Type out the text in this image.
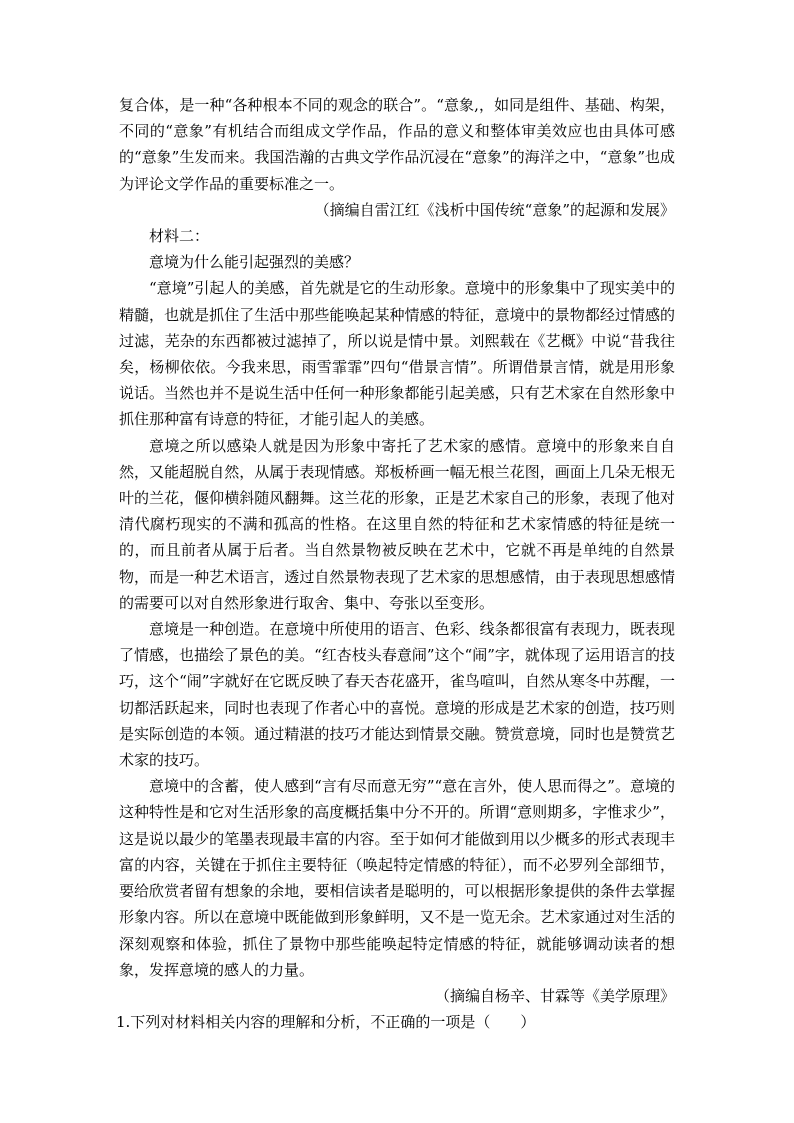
复合体，是一种“各种根本不同的观念的联合”。“意象,，如同是组件、基础、构架，不同的“意象”有机结合而组成文学作品，作品的意义和整体审美效应也由具体可感的“意象”生发而来。我国浩瀚的古典文学作品沉浸在“意象”的海洋之中，“意象”也成为评论文学作品的重要标准之一。

（摘编自雷江红《浅析中国传统“意象”的起源和发展》

材料二：

意境为什么能引起强烈的美感？

“意境”引起人的美感，首先就是它的生动形象。意境中的形象集中了现实美中的精髓，也就是抓住了生活中那些能唤起某种情感的特征，意境中的景物都经过情感的过滤，芜杂的东西都被过滤掉了，所以说是情中景。刘熙载在《艺概》中说“昔我往矣，杨柳依依。今我来思，雨雪霏霏”四句“借景言情”。所谓借景言情，就是用形象说话。当然也并不是说生活中任何一种形象都能引起美感，只有艺术家在自然形象中抓住那种富有诗意的特征，才能引起人的美感。

意境之所以感染人就是因为形象中寄托了艺术家的感情。意境中的形象来自自然，又能超脱自然，从属于表现情感。郑板桥画一幅无根兰花图，画面上几朵无根无叶的兰花，偃仰横斜随风翻舞。这兰花的形象，正是艺术家自己的形象，表现了他对清代腐朽现实的不满和孤高的性格。在这里自然的特征和艺术家情感的特征是统一的，而且前者从属于后者。当自然景物被反映在艺术中，它就不再是单纯的自然景物，而是一种艺术语言，透过自然景物表现了艺术家的思想感情，由于表现思想感情的需要可以对自然形象进行取舍、集中、夸张以至变形。

意境是一种创造。在意境中所使用的语言、色彩、线条都很富有表现力，既表现了情感，也描绘了景色的美。“红杏枝头春意闹”这个“闹”字，就体现了运用语言的技巧，这个“闹”字就好在它既反映了春天杏花盛开，雀鸟喧叫，自然从寒冬中苏醒，一切都活跃起来，同时也表现了作者心中的喜悦。意境的形成是艺术家的创造，技巧则是实际创造的本领。通过精湛的技巧才能达到情景交融。赞赏意境，同时也是赞赏艺术家的技巧。

意境中的含蓄，使人感到“言有尽而意无穷”“意在言外，使人思而得之”。意境的这种特性是和它对生活形象的高度概括集中分不开的。所谓“意则期多，字惟求少”，这是说以最少的笔墨表现最丰富的内容。至于如何才能做到用以少概多的形式表现丰富的内容，关键在于抓住主要特征（唤起特定情感的特征），而不必罗列全部细节，要给欣赏者留有想象的余地，要相信读者是聪明的，可以根据形象提供的条件去掌握形象内容。所以在意境中既能做到形象鲜明，又不是一览无余。艺术家通过对生活的深刻观察和体验，抓住了景物中那些能唤起特定情感的特征，就能够调动读者的想象，发挥意境的感人的力量。

（摘编自杨辛、甘霖等《美学原理》

1.下列对材料相关内容的理解和分析，不正确的一项是（　　）
